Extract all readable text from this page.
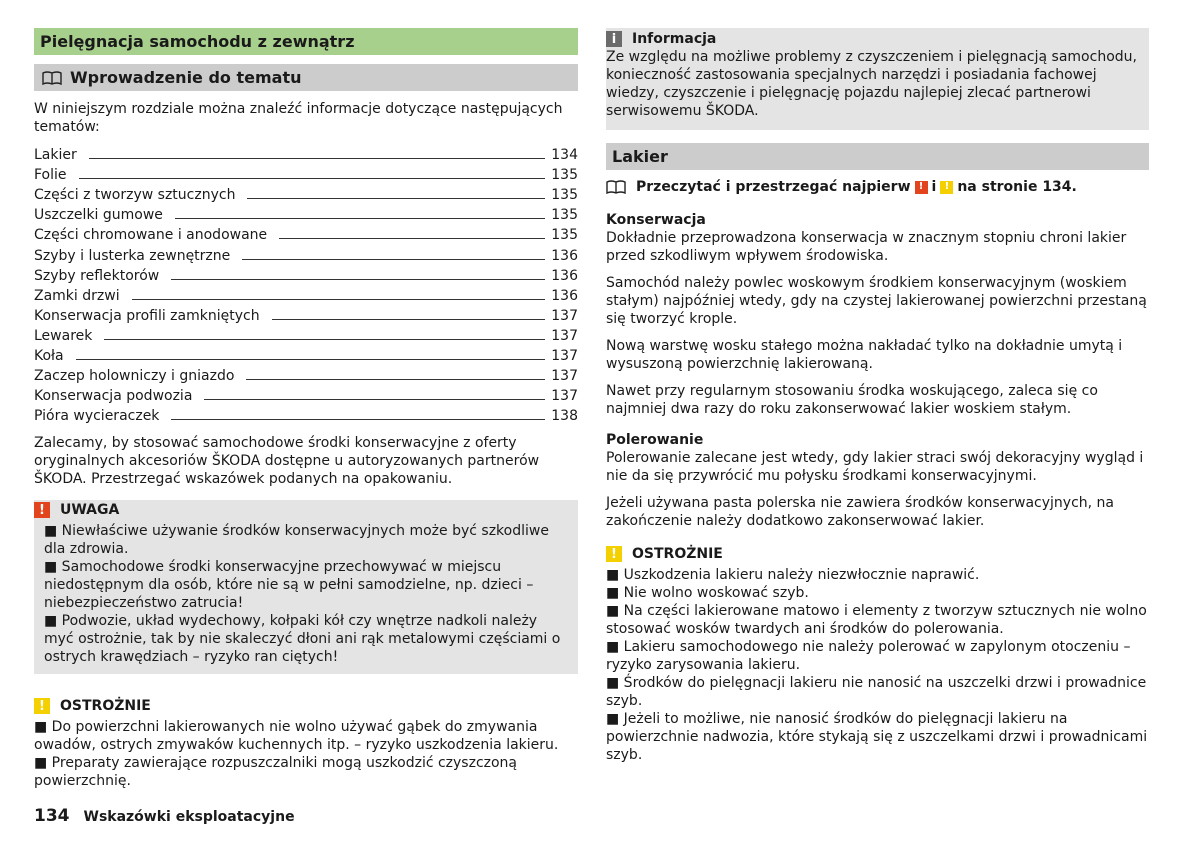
Pielęgnacja samochodu z zewnątrz
Wprowadzenie do tematu

W niniejszym rozdziale można znaleźć informacje dotyczące następujących tematów:

Lakier	134
Folie	135
Części z tworzyw sztucznych	135
Uszczelki gumowe	135
Części chromowane i anodowane	135
Szyby i lusterka zewnętrzne	136
Szyby reflektorów	136
Zamki drzwi	136
Konserwacja profili zamkniętych	137
Lewarek	137
Koła	137
Zaczep holowniczy i gniazdo	137
Konserwacja podwozia	137
Pióra wycieraczek	138

Zalecamy, by stosować samochodowe środki konserwacyjne z oferty oryginalnych akcesoriów ŠKODA dostępne u autoryzowanych partnerów ŠKODA. Przestrzegać wskazówek podanych na opakowaniu.

!	UWAGA

■ Niewłaściwe używanie środków konserwacyjnych może być szkodliwe dla zdrowia.

■ Samochodowe środki konserwacyjne przechowywać w miejscu niedostępnym dla osób, które nie są w pełni samodzielne, np. dzieci – niebezpieczeństwo zatrucia!

■ Podwozie, układ wydechowy, kołpaki kół czy wnętrze nadkoli należy myć ostrożnie, tak by nie skaleczyć dłoni ani rąk metalowymi częściami o ostrych krawędziach – ryzyko ran ciętych!

!	OSTROŻNIE

■ Do powierzchni lakierowanych nie wolno używać gąbek do zmywania owadów, ostrych zmywaków kuchennych itp. – ryzyko uszkodzenia lakieru.

■ Preparaty zawierające rozpuszczalniki mogą uszkodzić czyszczoną powierzchnię.

i	Informacja

Ze względu na możliwe problemy z czyszczeniem i pielęgnacją samochodu, konieczność zastosowania specjalnych narzędzi i posiadania fachowej wiedzy, czyszczenie i pielęgnację pojazdu najlepiej zlecać partnerowi serwisowemu ŠKODA.

Lakier
Przeczytać i przestrzegać najpierw ! i ! na stronie 134.

Konserwacja

Dokładnie przeprowadzona konserwacja w znacznym stopniu chroni lakier przed szkodliwym wpływem środowiska.

Samochód należy powlec woskowym środkiem konserwacyjnym (woskiem stałym) najpóźniej wtedy, gdy na czystej lakierowanej powierzchni przestaną się tworzyć krople.

Nową warstwę wosku stałego można nakładać tylko na dokładnie umytą i wysuszoną powierzchnię lakierowaną.

Nawet przy regularnym stosowaniu środka woskującego, zaleca się co najmniej dwa razy do roku zakonserwować lakier woskiem stałym.

Polerowanie

Polerowanie zalecane jest wtedy, gdy lakier straci swój dekoracyjny wygląd i nie da się przywrócić mu połysku środkami konserwacyjnymi.

Jeżeli używana pasta polerska nie zawiera środków konserwacyjnych, na zakończenie należy dodatkowo zakonserwować lakier.

!	OSTROŻNIE

■ Uszkodzenia lakieru należy niezwłocznie naprawić.

■ Nie wolno woskować szyb.

■ Na części lakierowane matowo i elementy z tworzyw sztucznych nie wolno stosować wosków twardych ani środków do polerowania.

■ Lakieru samochodowego nie należy polerować w zapylonym otoczeniu – ryzyko zarysowania lakieru.

■ Środków do pielęgnacji lakieru nie nanosić na uszczelki drzwi i prowadnice szyb.

■ Jeżeli to możliwe, nie nanosić środków do pielęgnacji lakieru na powierzchnie nadwozia, które stykają się z uszczelkami drzwi i prowadnicami szyb.

134 Wskazówki eksploatacyjne
